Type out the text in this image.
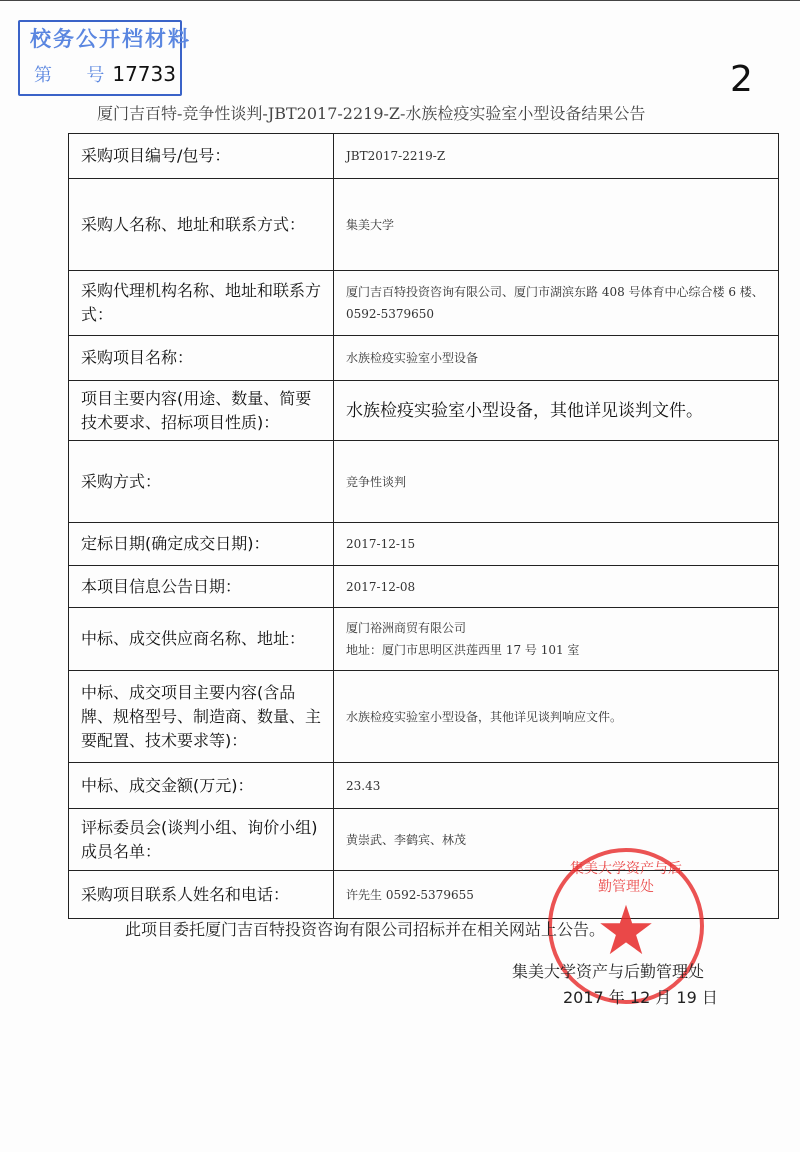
校务公开档材料
第      号 17733	2
厦门吉百特-竞争性谈判-JBT2017-2219-Z-水族检疫实验室小型设备结果公告
采购项目编号/包号：	JBT2017-2219-Z
采购人名称、地址和联系方式：	集美大学
采购代理机构名称、地址和联系方式：	厦门吉百特投资咨询有限公司、厦门市湖滨东路 408 号体育中心综合楼 6 楼、0592-5379650
采购项目名称：	水族检疫实验室小型设备
项目主要内容(用途、数量、简要技术要求、招标项目性质)：	水族检疫实验室小型设备，其他详见谈判文件。
采购方式：	竞争性谈判
定标日期(确定成交日期)：	2017-12-15
本项目信息公告日期：	2017-12-08
中标、成交供应商名称、地址：	厦门裕洲商贸有限公司
地址：厦门市思明区洪莲西里 17 号 101 室

中标、成交项目主要内容(含品牌、规格型号、制造商、数量、主要配置、技术要求等)：	水族检疫实验室小型设备，其他详见谈判响应文件。
中标、成交金额(万元)：	23.43
评标委员会(谈判小组、询价小组)成员名单：	黄崇武、李鹤宾、林茂
采购项目联系人姓名和电话：	许先生 0592-5379655
集美大学资产与后勤管理处
此项目委托厦门吉百特投资咨询有限公司招标并在相关网站上公告。
集美大学资产与后勤管理处
2017 年 12 月 19 日
